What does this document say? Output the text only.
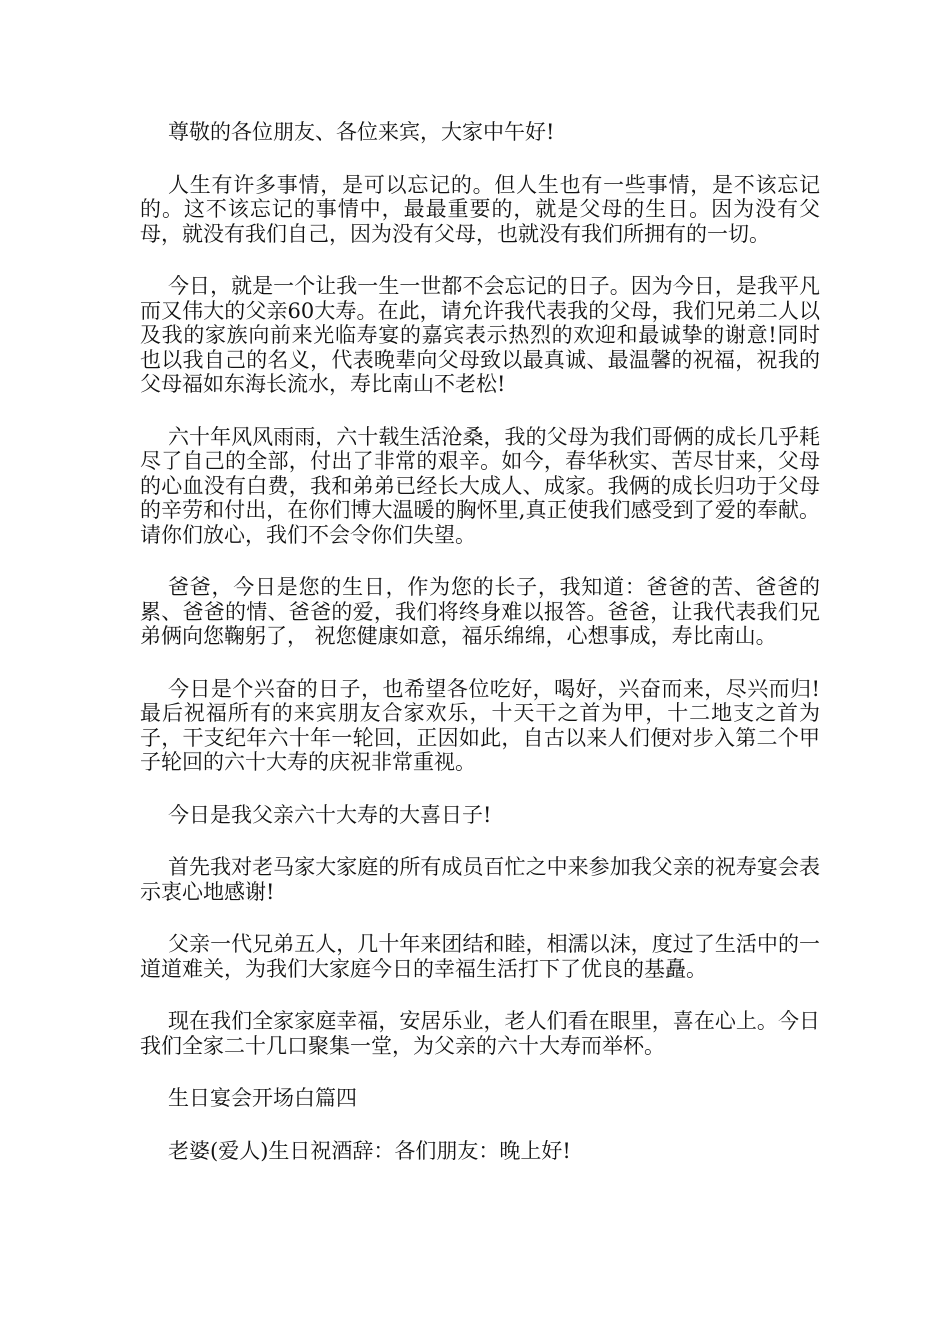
尊敬的各位朋友、各位来宾，大家中午好!

人生有许多事情，是可以忘记的。但人生也有一些事情，是不该忘记的。这不该忘记的事情中，最最重要的，就是父母的生日。因为没有父母，就没有我们自己，因为没有父母，也就没有我们所拥有的一切。

今日，就是一个让我一生一世都不会忘记的日子。因为今日，是我平凡而又伟大的父亲60大寿。在此，请允许我代表我的父母，我们兄弟二人以及我的家族向前来光临寿宴的嘉宾表示热烈的欢迎和最诚挚的谢意!同时也以我自己的名义，代表晚辈向父母致以最真诚、最温馨的祝福，祝我的父母福如东海长流水，寿比南山不老松!

六十年风风雨雨，六十载生活沧桑，我的父母为我们哥俩的成长几乎耗尽了自己的全部，付出了非常的艰辛。如今，春华秋实、苦尽甘来，父母的心血没有白费，我和弟弟已经长大成人、成家。我俩的成长归功于父母的辛劳和付出，在你们博大温暖的胸怀里,真正使我们感受到了爱的奉献。请你们放心，我们不会令你们失望。

爸爸，今日是您的生日，作为您的长子，我知道：爸爸的苦、爸爸的累、爸爸的情、爸爸的爱，我们将终身难以报答。爸爸，让我代表我们兄弟俩向您鞠躬了， 祝您健康如意，福乐绵绵，心想事成，寿比南山。

今日是个兴奋的日子，也希望各位吃好，喝好，兴奋而来，尽兴而归!最后祝福所有的来宾朋友合家欢乐，十天干之首为甲，十二地支之首为子，干支纪年六十年一轮回，正因如此，自古以来人们便对步入第二个甲子轮回的六十大寿的庆祝非常重视。

今日是我父亲六十大寿的大喜日子!

首先我对老马家大家庭的所有成员百忙之中来参加我父亲的祝寿宴会表示衷心地感谢!

父亲一代兄弟五人，几十年来团结和睦，相濡以沫，度过了生活中的一道道难关，为我们大家庭今日的幸福生活打下了优良的基矗。

现在我们全家家庭幸福，安居乐业，老人们看在眼里，喜在心上。今日我们全家二十几口聚集一堂，为父亲的六十大寿而举杯。

生日宴会开场白篇四

老婆(爱人)生日祝酒辞：各们朋友：晚上好!
